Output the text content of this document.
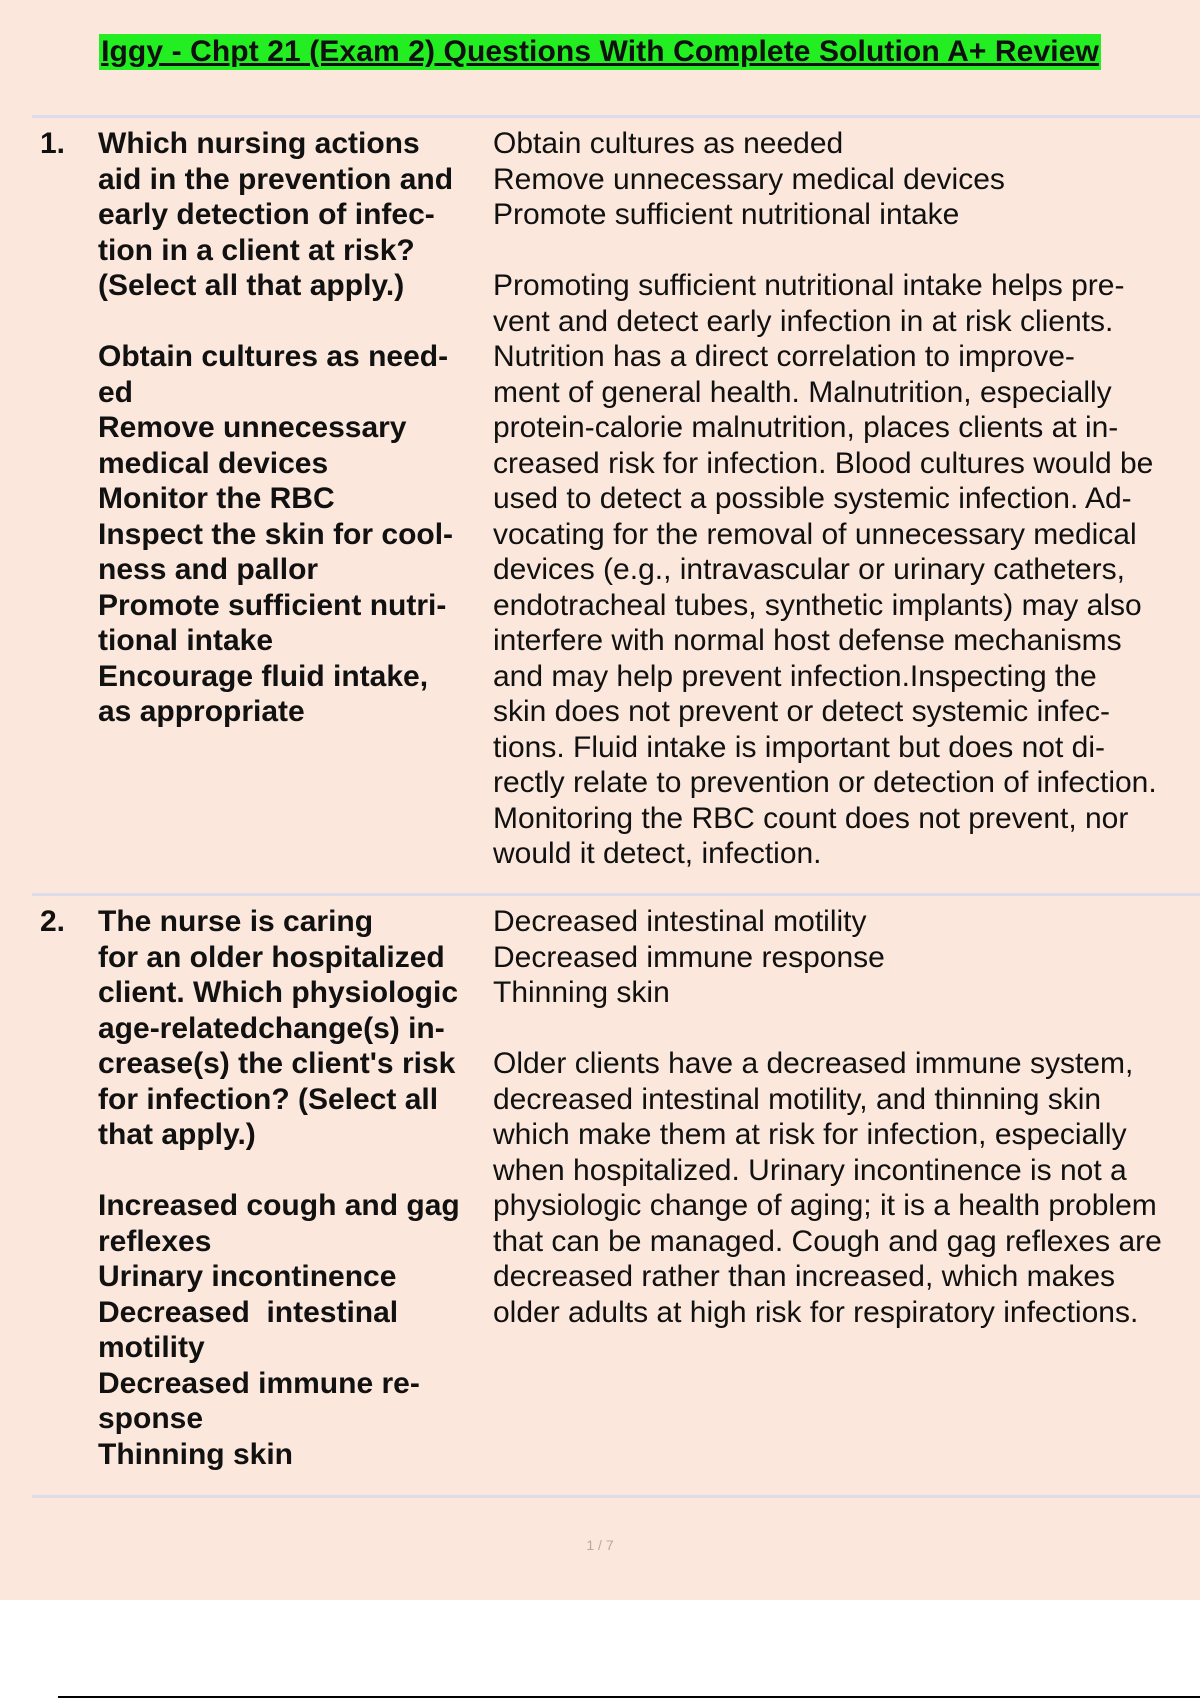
Iggy - Chpt 21 (Exam 2) Questions With Complete Solution A+ Review
1. Which nursing actions
aid in the prevention and
early detection of infec-
tion in a client at risk?
(Select all that apply.)
Obtain cultures as need-
ed
Remove unnecessary
medical devices
Monitor the RBC
Inspect the skin for cool-
ness and pallor
Promote sufficient nutri-
tional intake
Encourage fluid intake,
as appropriate
Obtain cultures as needed
Remove unnecessary medical devices
Promote sufficient nutritional intake
Promoting sufficient nutritional intake helps pre-
vent and detect early infection in at risk clients.
Nutrition has a direct correlation to improve-
ment of general health. Malnutrition, especially
protein-calorie malnutrition, places clients at in-
creased risk for infection. Blood cultures would be
used to detect a possible systemic infection. Ad-
vocating for the removal of unnecessary medical
devices (e.g., intravascular or urinary catheters,
endotracheal tubes, synthetic implants) may also
interfere with normal host defense mechanisms
and may help prevent infection.Inspecting the
skin does not prevent or detect systemic infec-
tions. Fluid intake is important but does not di-
rectly relate to prevention or detection of infection.
Monitoring the RBC count does not prevent, nor
would it detect, infection.
2. The nurse is caring
for an older hospitalized
client. Which physiologic
age-relatedchange(s) in-
crease(s) the client's risk
for infection? (Select all
that apply.)
Increased cough and gag
reflexes
Urinary incontinence
Decreased  intestinal
motility
Decreased immune re-
sponse
Thinning skin
Decreased intestinal motility
Decreased immune response
Thinning skin
Older clients have a decreased immune system,
decreased intestinal motility, and thinning skin
which make them at risk for infection, especially
when hospitalized. Urinary incontinence is not a
physiologic change of aging; it is a health problem
that can be managed. Cough and gag reflexes are
decreased rather than increased, which makes
older adults at high risk for respiratory infections.
1 / 7
